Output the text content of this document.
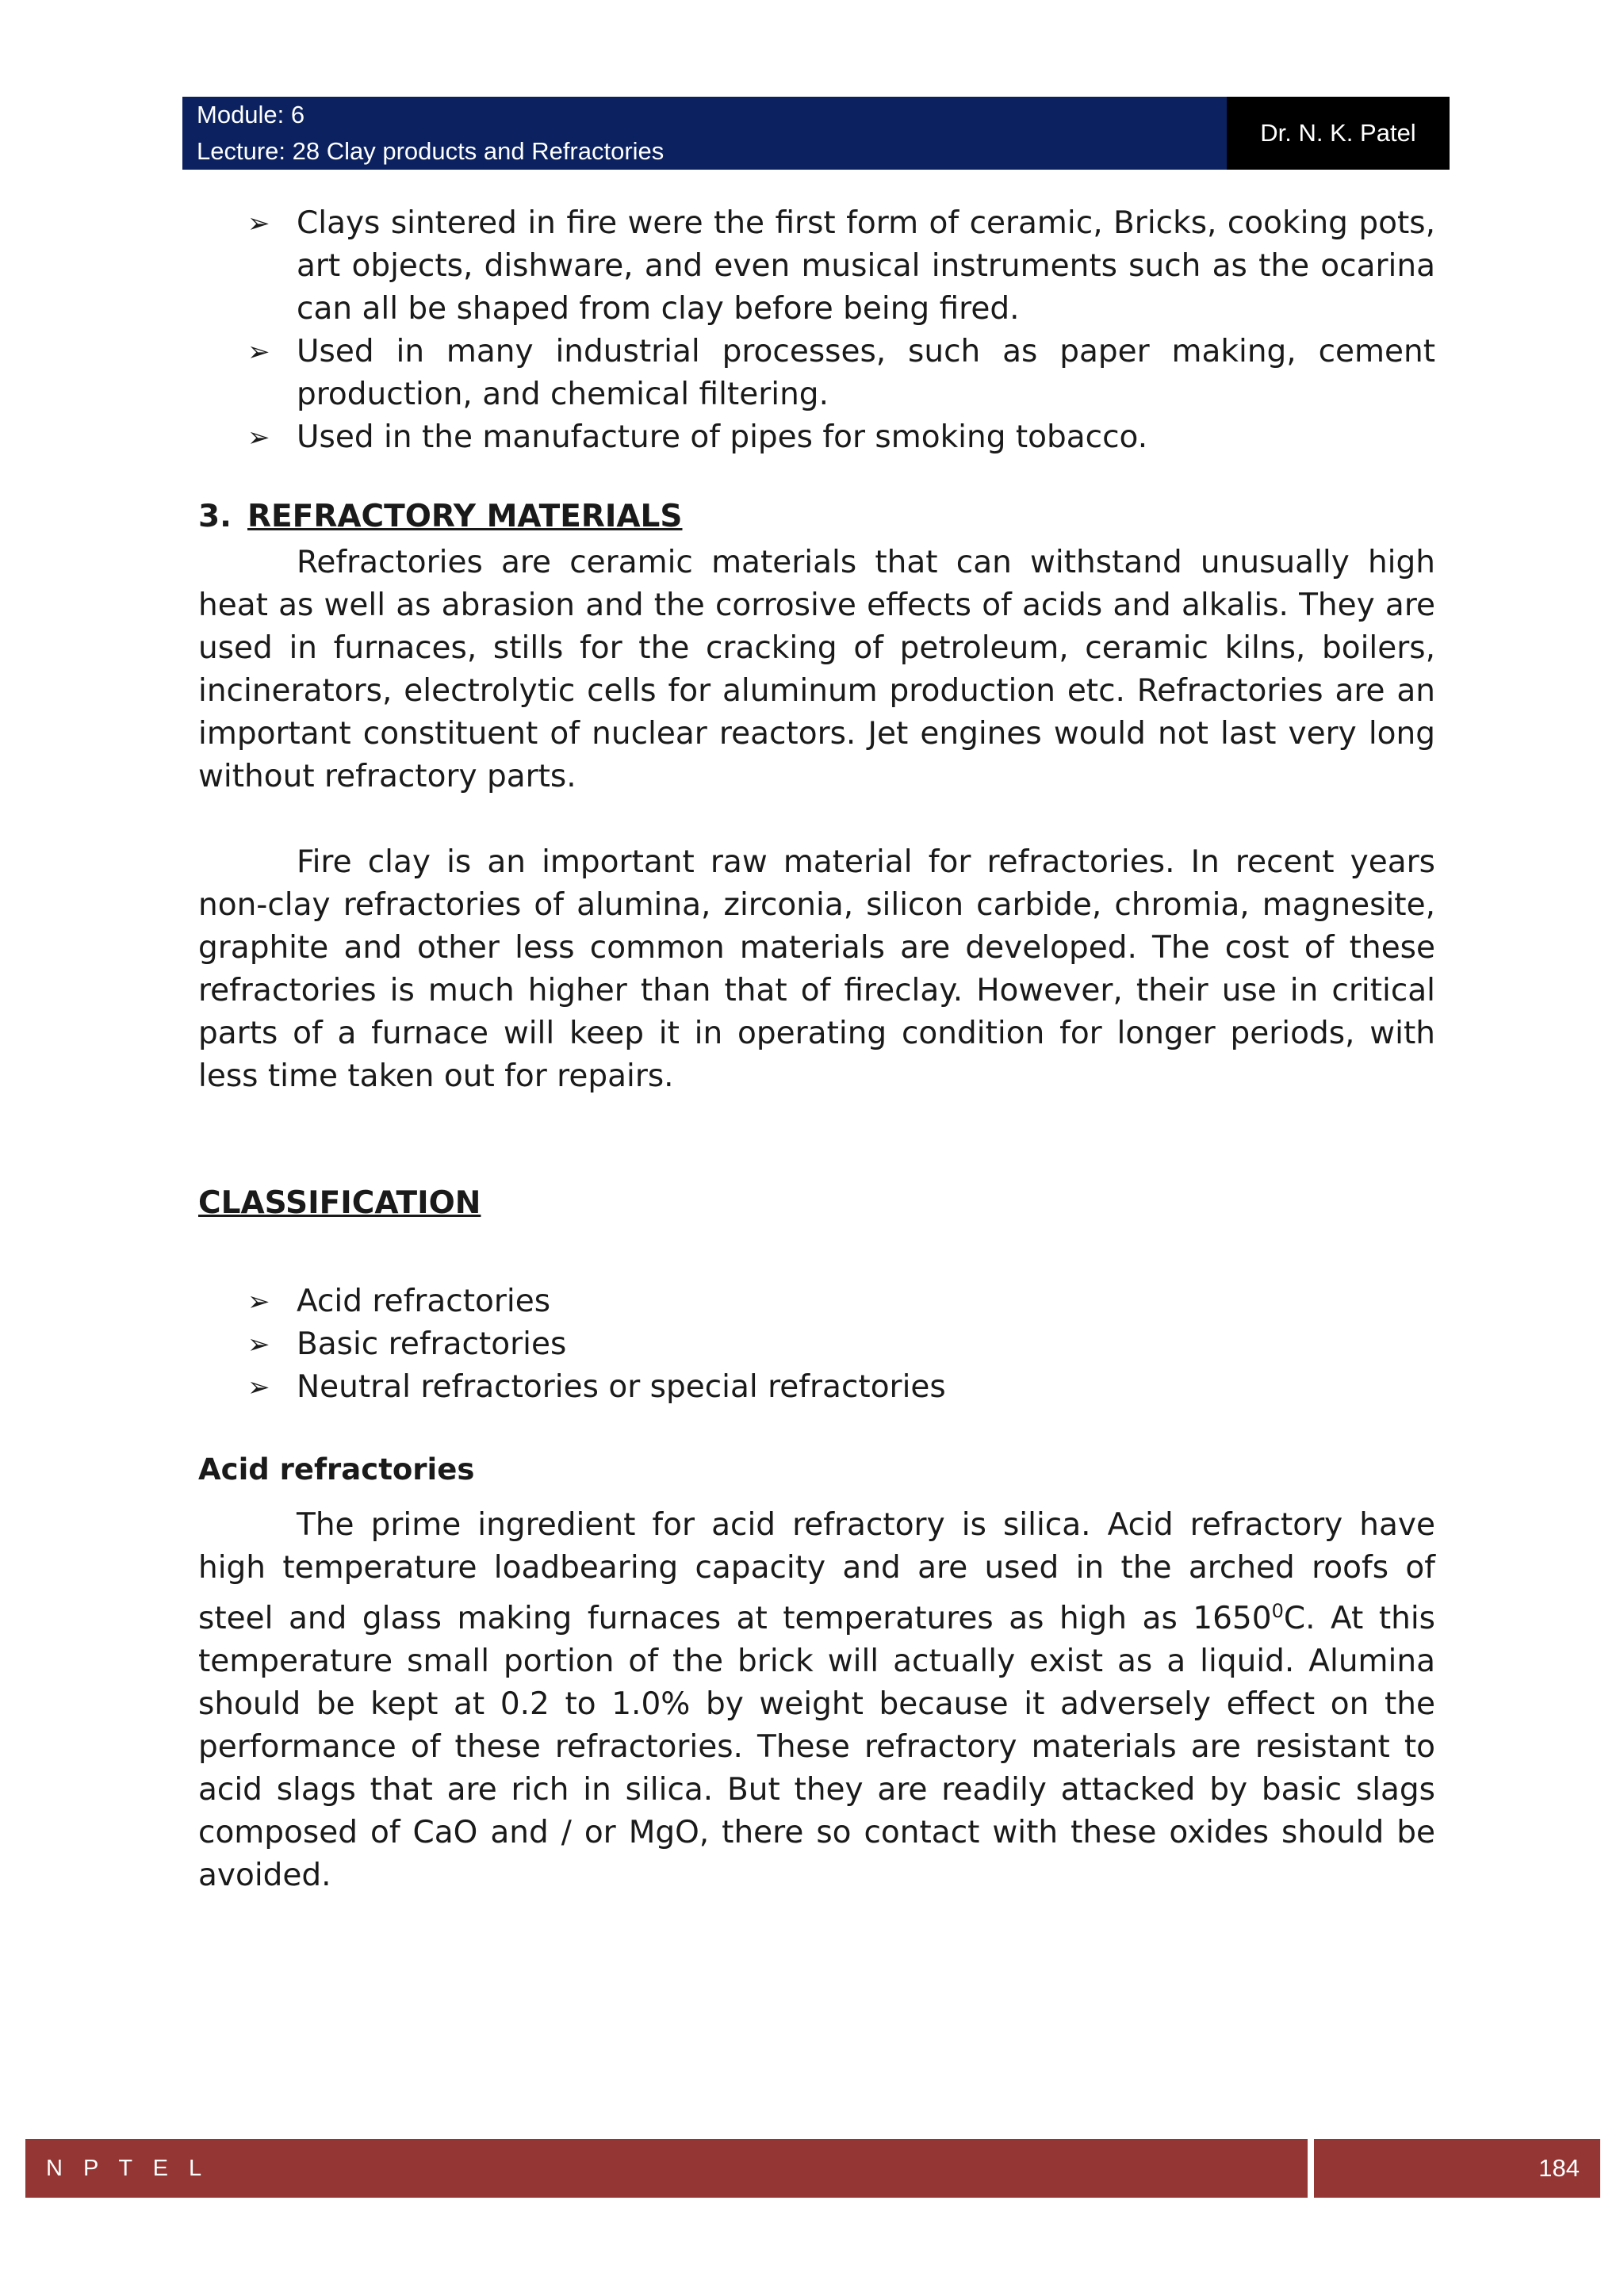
Module: 6
Lecture: 28 Clay products and Refractories
Dr. N. K. Patel
➢ Clays sintered in fire were the first form of ceramic, Bricks, cooking pots, art objects, dishware, and even musical instruments such as the ocarina can all be shaped from clay before being fired.
➢ Used in many industrial processes, such as paper making, cement production, and chemical filtering.
➢ Used in the manufacture of pipes for smoking tobacco.
3. REFRACTORY MATERIALS

Refractories are ceramic materials that can withstand unusually high heat as well as abrasion and the corrosive effects of acids and alkalis. They are used in furnaces, stills for the cracking of petroleum, ceramic kilns, boilers, incinerators, electrolytic cells for aluminum production etc. Refractories are an important constituent of nuclear reactors. Jet engines would not last very long without refractory parts.

Fire clay is an important raw material for refractories. In recent years non-clay refractories of alumina, zirconia, silicon carbide, chromia, magnesite, graphite and other less common materials are developed. The cost of these refractories is much higher than that of fireclay. However, their use in critical parts of a furnace will keep it in operating condition for longer periods, with less time taken out for repairs.

CLASSIFICATION
➢ Acid refractories
➢ Basic refractories
➢ Neutral refractories or special refractories
Acid refractories

The prime ingredient for acid refractory is silica. Acid refractory have high temperature loadbearing capacity and are used in the arched roofs of steel and glass making furnaces at temperatures as high as 1650$^0$C. At this temperature small portion of the brick will actually exist as a liquid. Alumina should be kept at 0.2 to 1.0% by weight because it adversely effect on the performance of these refractories. These refractory materials are resistant to acid slags that are rich in silica. But they are readily attacked by basic slags composed of CaO and / or MgO, there so contact with these oxides should be avoided.

N P T E L	184
